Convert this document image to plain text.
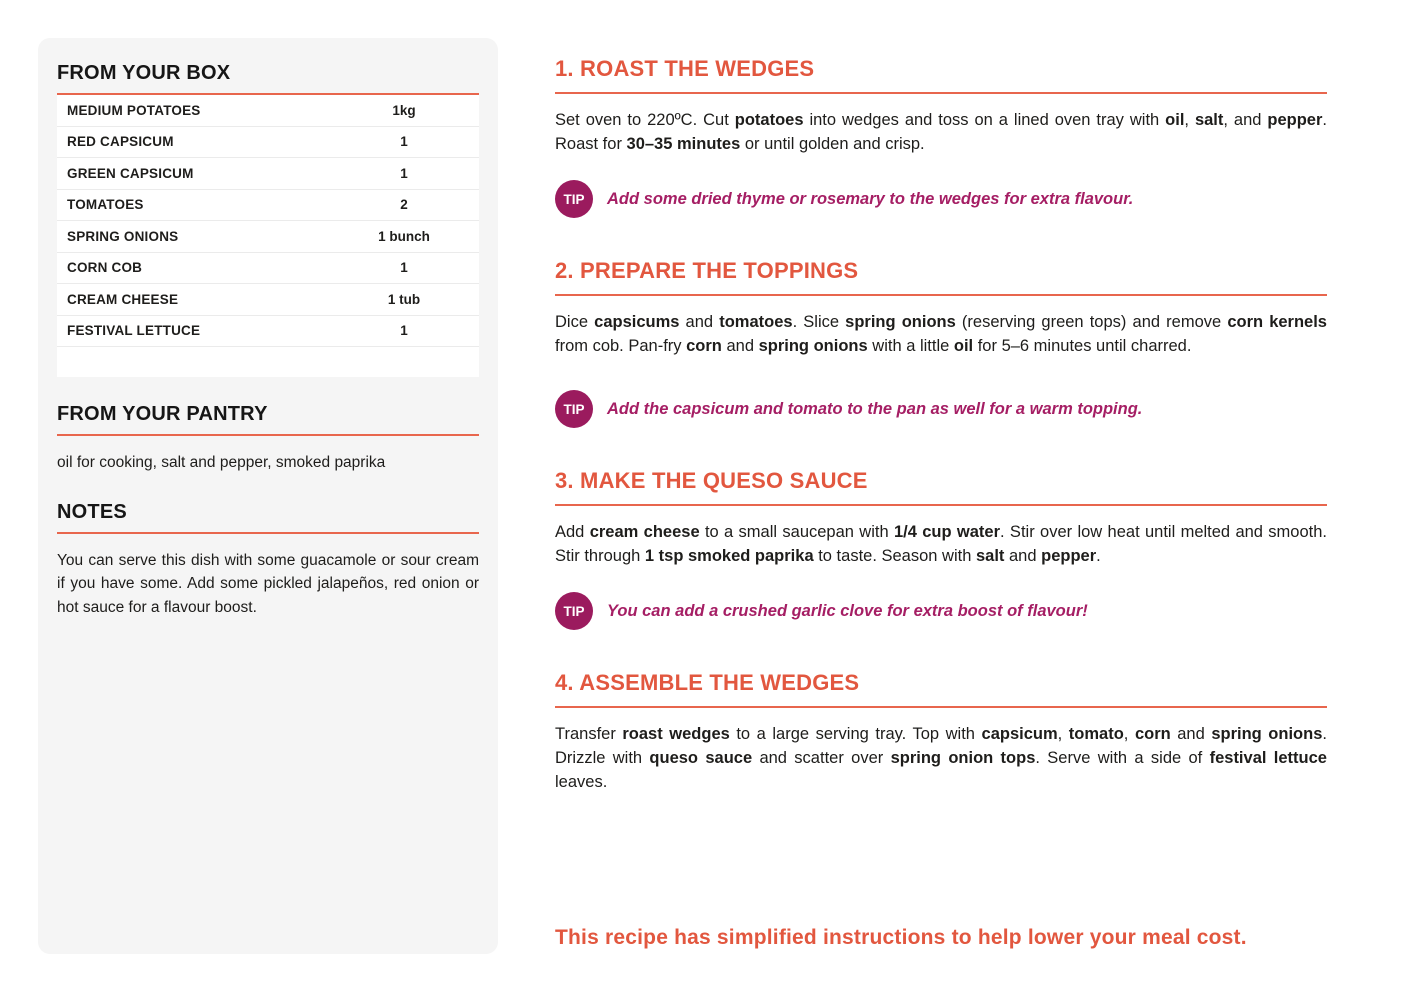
FROM YOUR BOX
MEDIUM POTATOES	1kg
RED CAPSICUM	1
GREEN CAPSICUM	1
TOMATOES	2
SPRING ONIONS	1 bunch
CORN COB	1
CREAM CHEESE	1 tub
FESTIVAL LETTUCE	1
FROM YOUR PANTRY

oil for cooking, salt and pepper, smoked paprika

NOTES

You can serve this dish with some guacamole or sour cream if you have some. Add some pickled jalapeños, red onion or hot sauce for a flavour boost.

1. ROAST THE WEDGES

Set oven to 220ºC. Cut potatoes into wedges and toss on a lined oven tray with oil, salt, and pepper. Roast for 30–35 minutes or until golden and crisp.

TIP	Add some dried thyme or rosemary to the wedges for extra flavour.
2. PREPARE THE TOPPINGS

Dice capsicums and tomatoes. Slice spring onions (reserving green tops) and remove corn kernels from cob. Pan-fry corn and spring onions with a little oil for 5–6 minutes until charred.

TIP	Add the capsicum and tomato to the pan as well for a warm topping.
3. MAKE THE QUESO SAUCE

Add cream cheese to a small saucepan with 1/4 cup water. Stir over low heat until melted and smooth. Stir through 1 tsp smoked paprika to taste. Season with salt and pepper.

TIP	You can add a crushed garlic clove for extra boost of flavour!
4. ASSEMBLE THE WEDGES

Transfer roast wedges to a large serving tray. Top with capsicum, tomato, corn and spring onions. Drizzle with queso sauce and scatter over spring onion tops. Serve with a side of festival lettuce leaves.

This recipe has simplified instructions to help lower your meal cost.
